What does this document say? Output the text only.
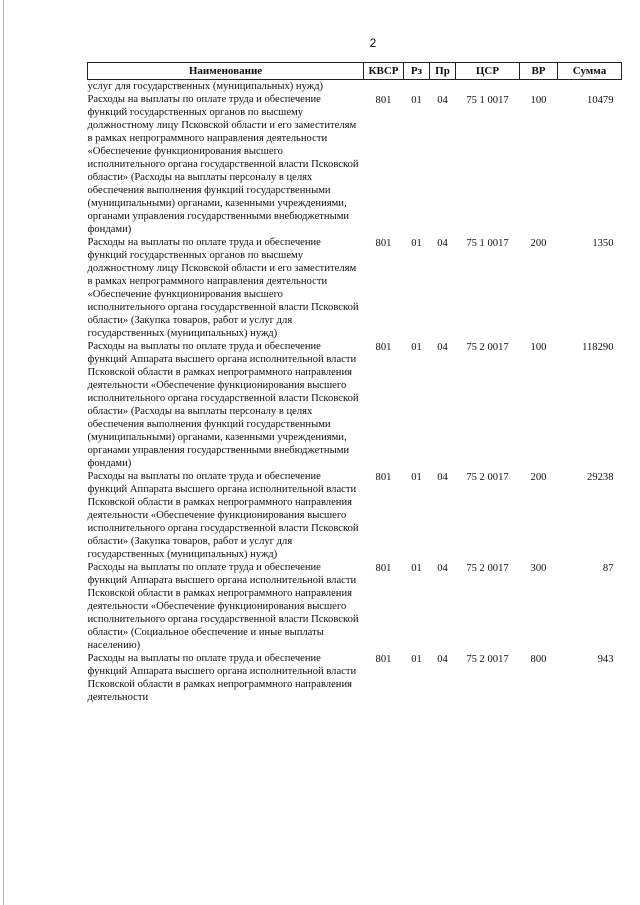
2
Наименование	КВСР	Рз	Пр	ЦСР	ВР	Сумма
услуг для государственных (муниципальных) нужд)						
Расходы на выплаты по оплате труда и обеспечение функций государственных органов по высшему должностному лицу Псковской области и его заместителям в рамках непрограммного направления деятельности «Обеспечение функционирования высшего исполнительного органа государственной власти Псковской области» (Расходы на выплаты персоналу в целях обеспечения выполнения функций государственными (муниципальными) органами, казенными учреждениями, органами управления государственными внебюджетными фондами)	801	01	04	75 1 0017	100	10479
Расходы на выплаты по оплате труда и обеспечение функций государственных органов по высшему должностному лицу Псковской области и его заместителям в рамках непрограммного направления деятельности «Обеспечение функционирования высшего исполнительного органа государственной власти Псковской области» (Закупка товаров, работ и услуг для государственных (муниципальных) нужд)	801	01	04	75 1 0017	200	1350
Расходы на выплаты по оплате труда и обеспечение функций Аппарата высшего органа исполнительной власти Псковской области в рамках непрограммного направления деятельности «Обеспечение функционирования высшего исполнительного органа государственной власти Псковской области» (Расходы на выплаты персоналу в целях обеспечения выполнения функций государственными (муниципальными) органами, казенными учреждениями, органами управления государственными внебюджетными фондами)	801	01	04	75 2 0017	100	118290
Расходы на выплаты по оплате труда и обеспечение функций Аппарата высшего органа исполнительной власти Псковской области в рамках непрограммного направления деятельности «Обеспечение функционирования высшего исполнительного органа государственной власти Псковской области» (Закупка товаров, работ и услуг для государственных (муниципальных) нужд)	801	01	04	75 2 0017	200	29238
Расходы на выплаты по оплате труда и обеспечение функций Аппарата высшего органа исполнительной власти Псковской области в рамках непрограммного направления деятельности «Обеспечение функционирования высшего исполнительного органа государственной власти Псковской области» (Социальное обеспечение и иные выплаты населению)	801	01	04	75 2 0017	300	87
Расходы на выплаты по оплате труда и обеспечение функций Аппарата высшего органа исполнительной власти Псковской области в рамках непрограммного направления деятельности	801	01	04	75 2 0017	800	943
